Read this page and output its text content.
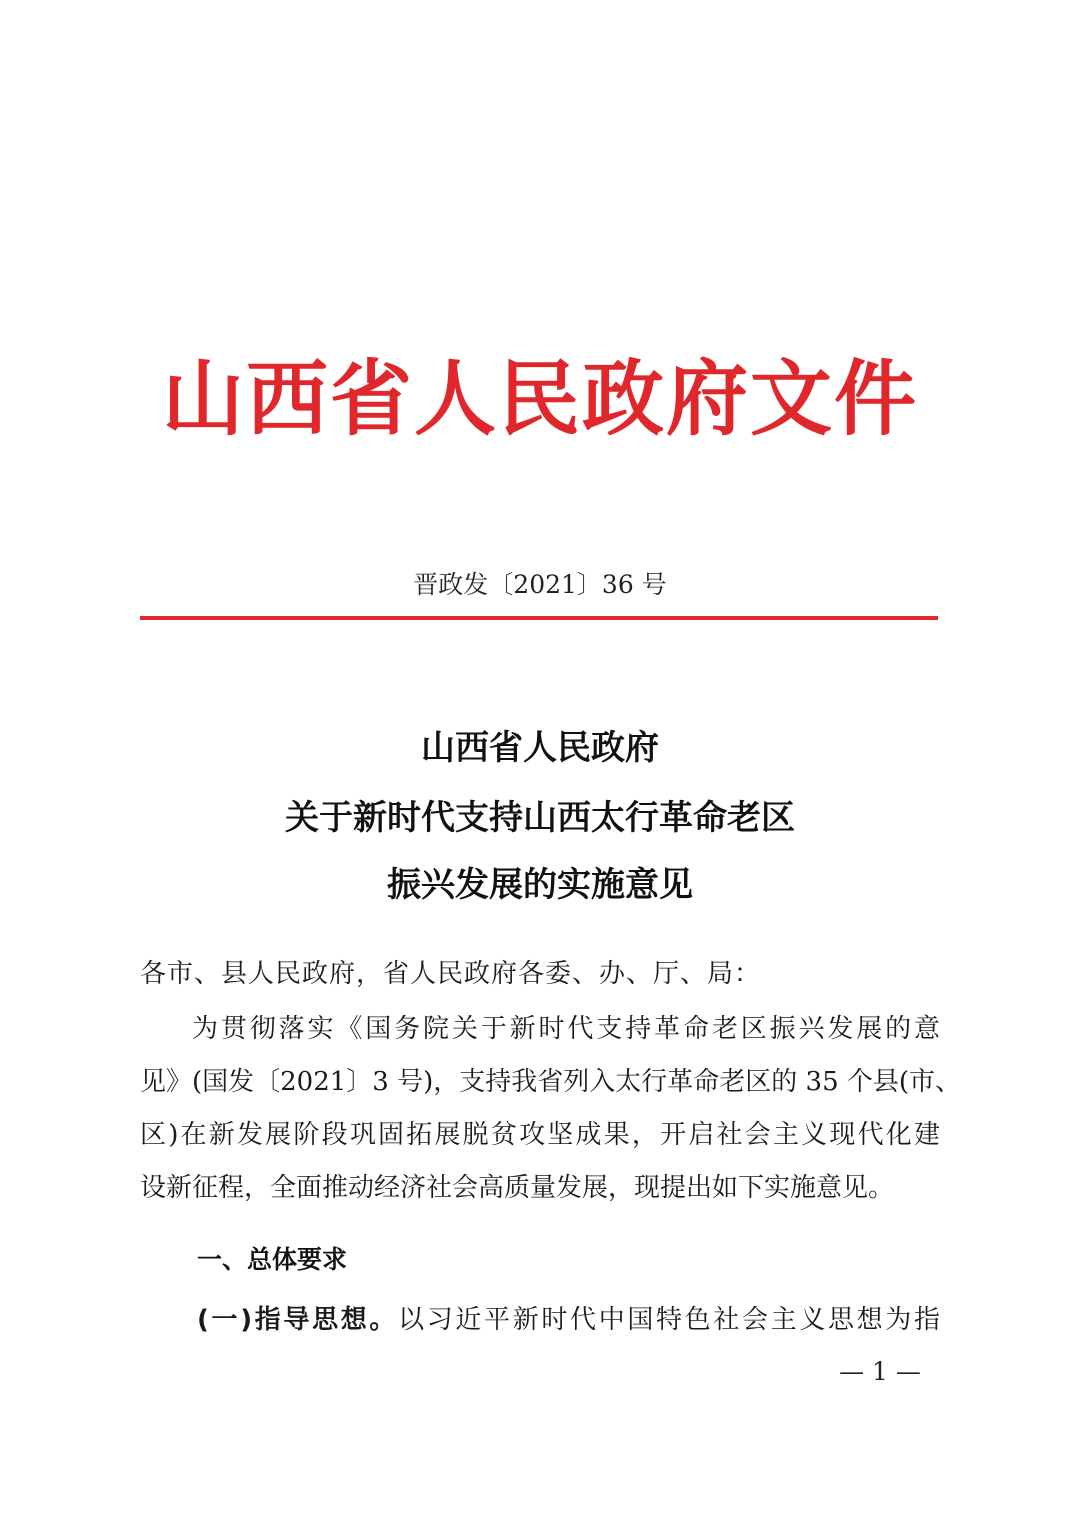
山西省人民政府文件
晋政发〔2021〕36 号
山西省人民政府
关于新时代支持山西太行革命老区
振兴发展的实施意见
各市、县人民政府，省人民政府各委、办、厅、局：
为贯彻落实《国务院关于新时代支持革命老区振兴发展的意
见》(国发〔2021〕3 号)，支持我省列入太行革命老区的 35 个县(市、
区)在新发展阶段巩固拓展脱贫攻坚成果，开启社会主义现代化建
设新征程，全面推动经济社会高质量发展，现提出如下实施意见。
一、总体要求
(一)指导思想。以习近平新时代中国特色社会主义思想为指
— 1 —
